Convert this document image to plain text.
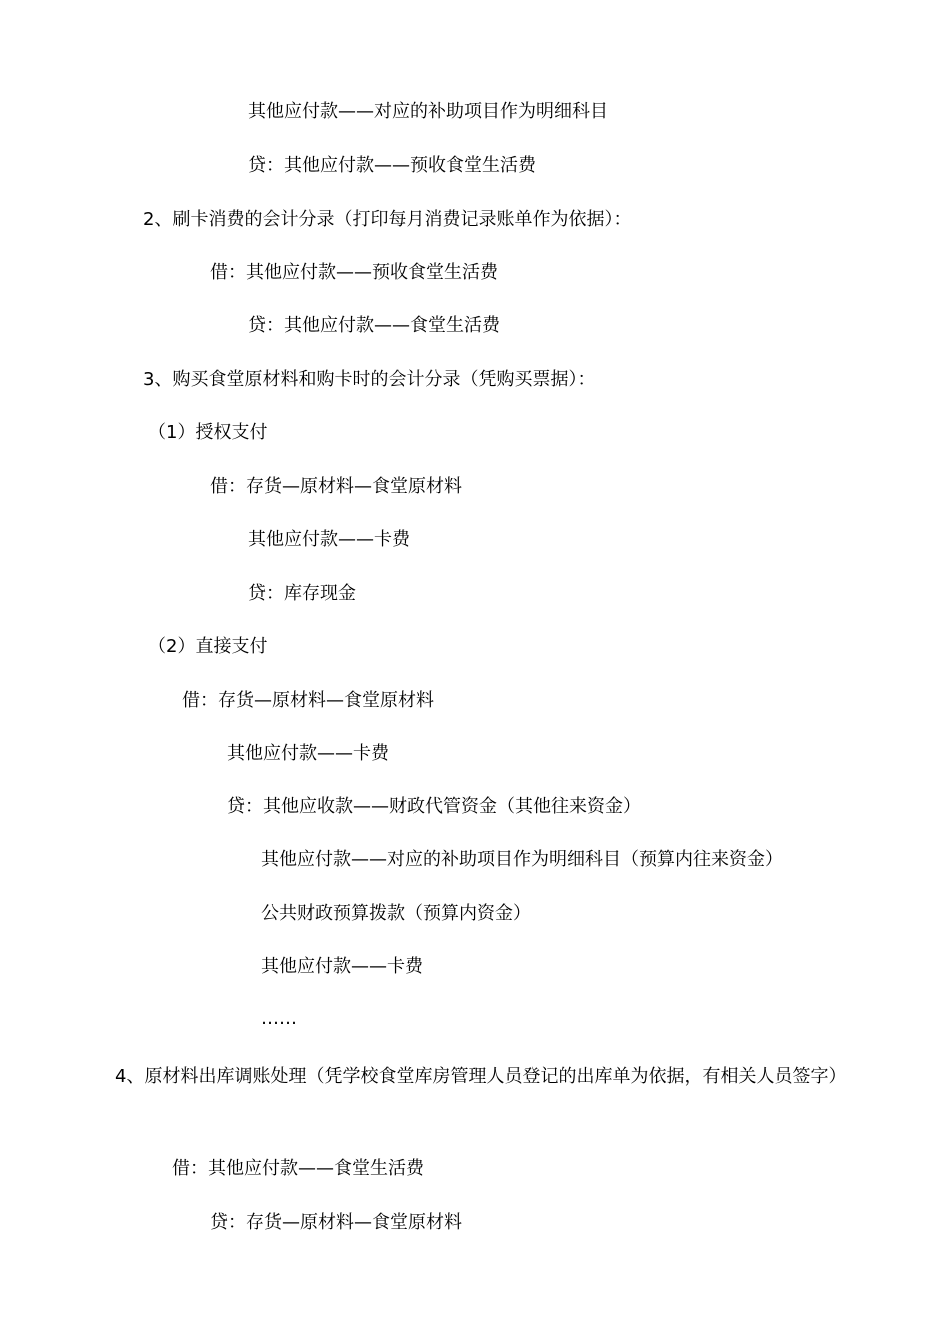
其他应付款——对应的补助项目作为明细科目
贷：其他应付款——预收食堂生活费
2、刷卡消费的会计分录（打印每月消费记录账单作为依据）：
借：其他应付款——预收食堂生活费
贷：其他应付款——食堂生活费
3、购买食堂原材料和购卡时的会计分录（凭购买票据）：
（1）授权支付
借：存货—原材料—食堂原材料
其他应付款——卡费
贷：库存现金
（2）直接支付
借：存货—原材料—食堂原材料
其他应付款——卡费
贷：其他应收款——财政代管资金（其他往来资金）
其他应付款——对应的补助项目作为明细科目（预算内往来资金）
公共财政预算拨款（预算内资金）
其他应付款——卡费
……
4、原材料出库调账处理（凭学校食堂库房管理人员登记的出库单为依据，有相关人员签字）
借：其他应付款——食堂生活费
贷：存货—原材料—食堂原材料
